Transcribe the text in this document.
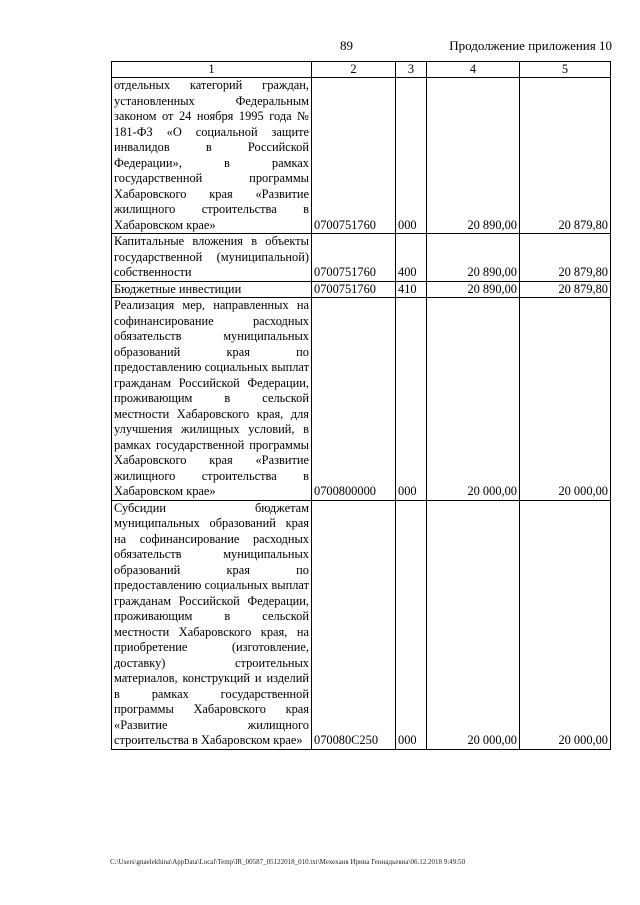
89	Продолжение приложения 10
1	2	3	4	5
отдельных категорий граждан, установленных Федеральным законом от 24 ноября 1995 года № 181-ФЗ «О социальной защите инвалидов в Российской Федерации», в рамках государственной программы Хабаровского края «Развитие жилищного строительства в Хабаровском крае»	0700751760	000	20 890,00	20 879,80
Капитальные вложения в объекты государственной (муниципальной) собственности	0700751760	400	20 890,00	20 879,80
Бюджетные инвестиции	0700751760	410	20 890,00	20 879,80
Реализация мер, направленных на софинансирование расходных обязательств муниципальных образований края по предоставлению социальных выплат гражданам Российской Федерации, проживающим в сельской местности Хабаровского края, для улучшения жилищных условий, в рамках государственной программы Хабаровского края «Развитие жилищного строительства в Хабаровском крае»	0700800000	000	20 000,00	20 000,00
Субсидии бюджетам муниципальных образований края на софинансирование расходных обязательств муниципальных образований края по предоставлению социальных выплат гражданам Российской Федерации, проживающим в сельской местности Хабаровского края, на приобретение (изготовление, доставку) строительных материалов, конструкций и изделий в рамках государственной программы Хабаровского края «Развитие жилищного строительства в Хабаровском крае»	070080С250	000	20 000,00	20 000,00
C:\Users\gnaelekhina\AppData\Local\Temp\IR_00587_05122018_010.txt\Мехеханя Ирина Геннадьевна\06.12.2018 9:49:50
